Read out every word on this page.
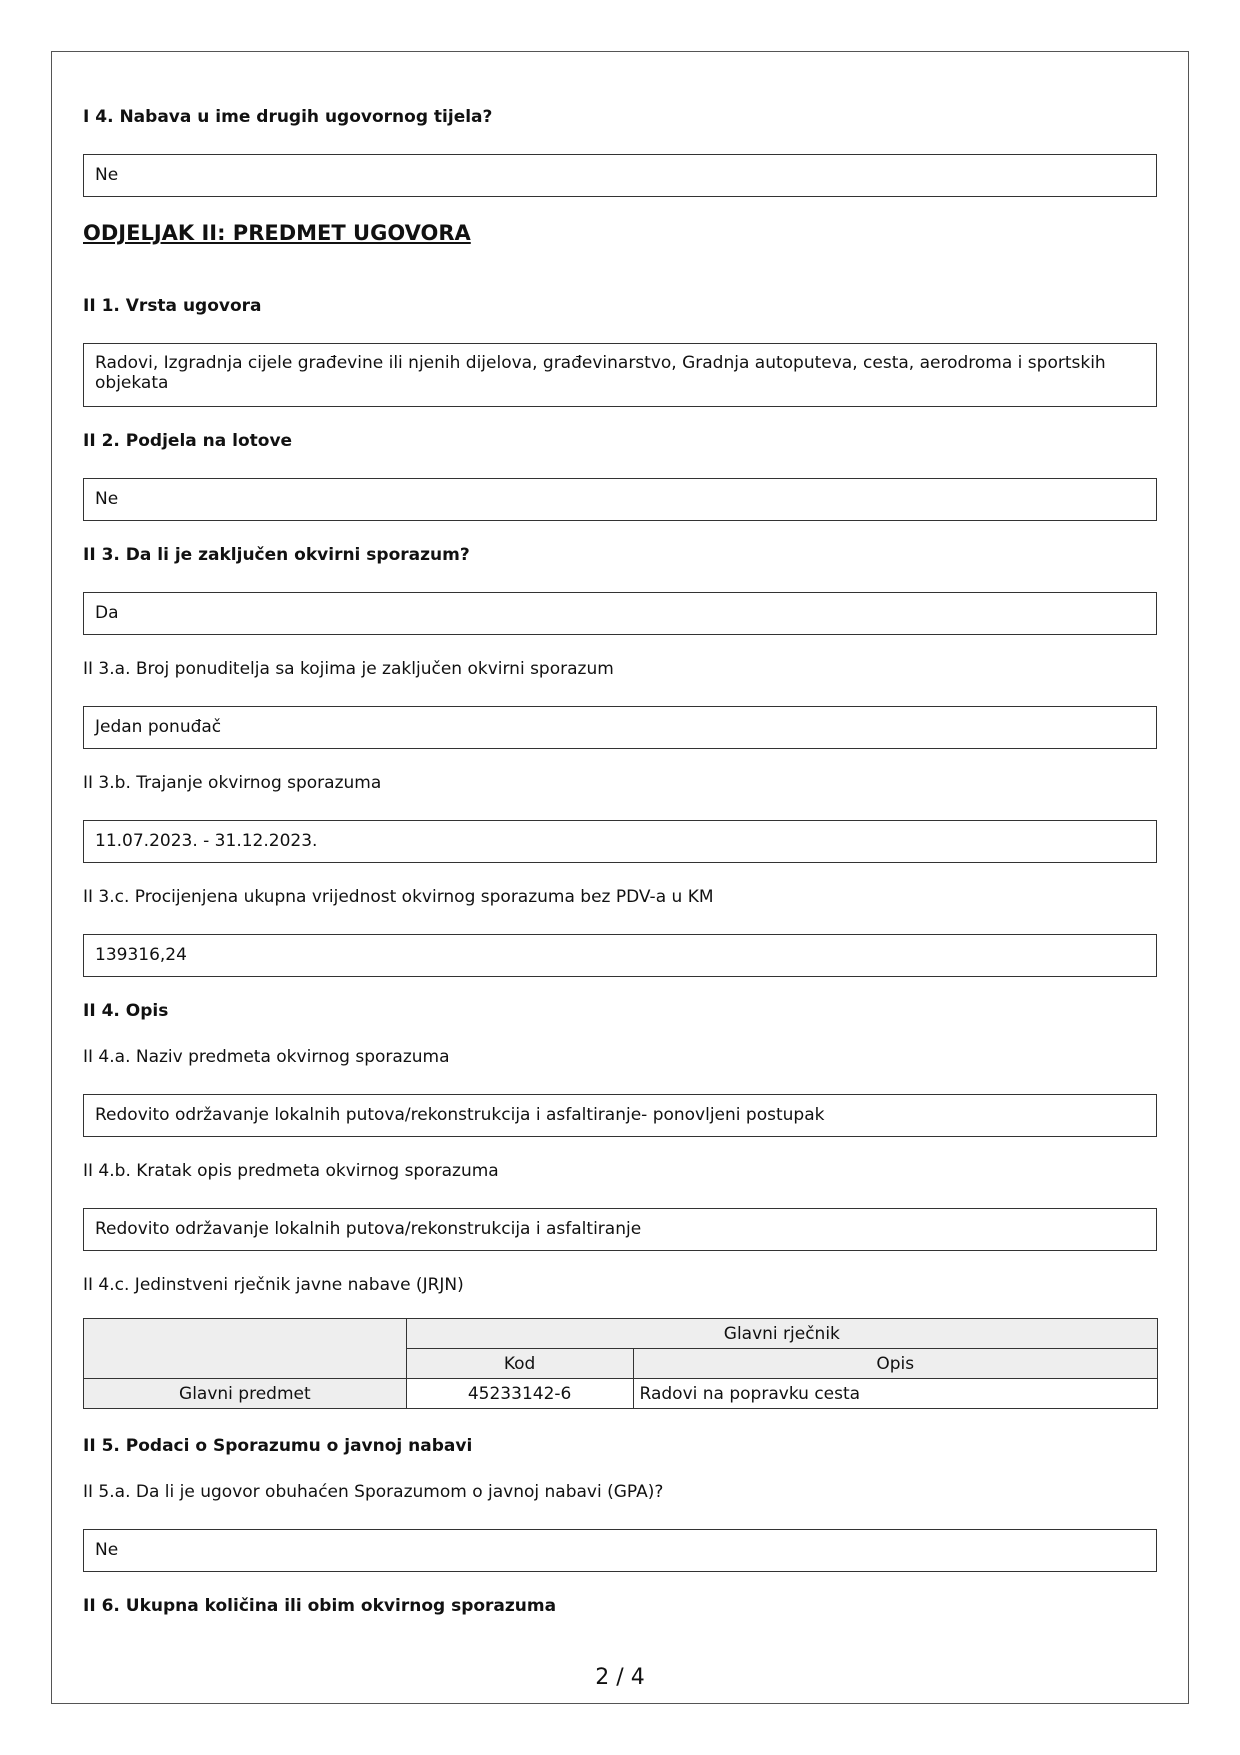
I 4. Nabava u ime drugih ugovornog tijela?
Ne
ODJELJAK II: PREDMET UGOVORA
II 1. Vrsta ugovora
Radovi, Izgradnja cijele građevine ili njenih dijelova, građevinarstvo, Gradnja autoputeva, cesta, aerodroma i sportskih
objekata
II 2. Podjela na lotove
Ne
II 3. Da li je zaključen okvirni sporazum?
Da
II 3.a. Broj ponuditelja sa kojima je zaključen okvirni sporazum
Jedan ponuđač
II 3.b. Trajanje okvirnog sporazuma
11.07.2023. - 31.12.2023.
II 3.c. Procijenjena ukupna vrijednost okvirnog sporazuma bez PDV-a u KM
139316,24
II 4. Opis
II 4.a. Naziv predmeta okvirnog sporazuma
Redovito održavanje lokalnih putova/rekonstrukcija i asfaltiranje- ponovljeni postupak
II 4.b. Kratak opis predmeta okvirnog sporazuma
Redovito održavanje lokalnih putova/rekonstrukcija i asfaltiranje
II 4.c. Jedinstveni rječnik javne nabave (JRJN)
	Glavni rječnik	
	Kod	Opis
Glavni predmet	45233142-6	Radovi na popravku cesta
II 5. Podaci o Sporazumu o javnoj nabavi
II 5.a. Da li je ugovor obuhaćen Sporazumom o javnoj nabavi (GPA)?
Ne
II 6. Ukupna količina ili obim okvirnog sporazuma
2 / 4
